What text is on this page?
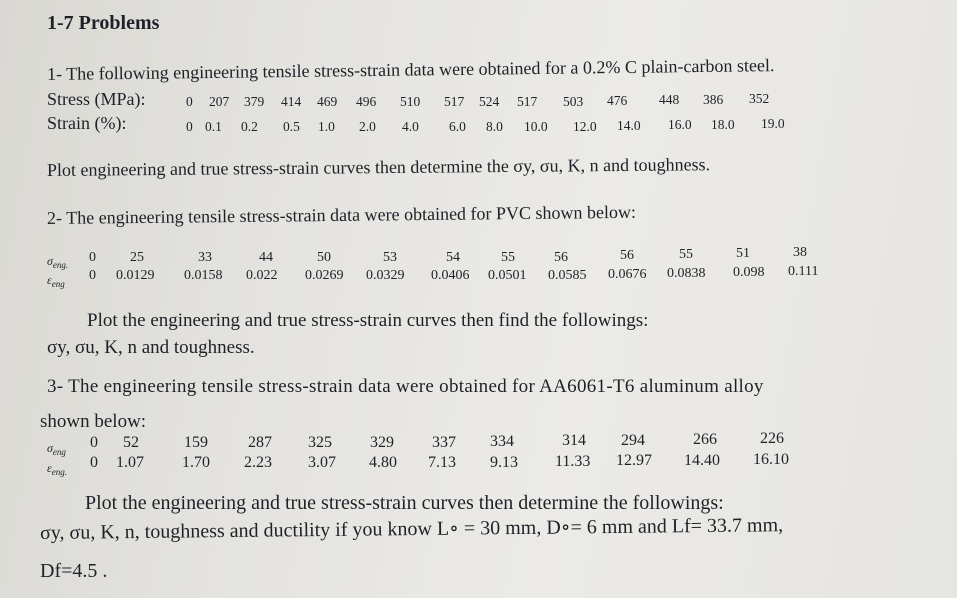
1-7 Problems
1- The following engineering tensile stress-strain data were obtained for a 0.2% C plain-carbon steel.
Stress (MPa):
Strain (%):
0 207 379 414 469 496 510 517 524 517 503 476 448 386 352
0 0.1 0.2 0.5 1.0 2.0 4.0 6.0 8.0 10.0 12.0 14.0 16.0 18.0 19.0
Plot engineering and true stress-strain curves then determine the σy, σu, K, n and toughness.
2- The engineering tensile stress-strain data were obtained for PVC shown below:
$\sigma_{eng.}$
$\varepsilon_{eng}$
0 25	33	44	50	53	54	55	56	56	55	51	38
0 0.0129 0.0158 0.022 0.0269 0.0329 0.0406 0.0501 0.0585 0.0676 0.0838 0.098 0.111
Plot the engineering and true stress-strain curves then find the followings:
σy, σu, K, n and toughness.
3- The engineering tensile stress-strain data were obtained for AA6061-T6 aluminum alloy
shown below:
$\sigma_{eng}$
$\varepsilon_{eng.}$
0 52	159	287 325 329 337 334	314 294	266	226
0 1.07 1.70 2.23 3.07 4.80 7.13 9.13 11.33 12.97 14.40 16.10
Plot the engineering and true stress-strain curves then determine the followings:
σy, σu, K, n, toughness and ductility if you know L∘ = 30 mm, D∘= 6 mm and Lf= 33.7 mm,
Df=4.5 .
